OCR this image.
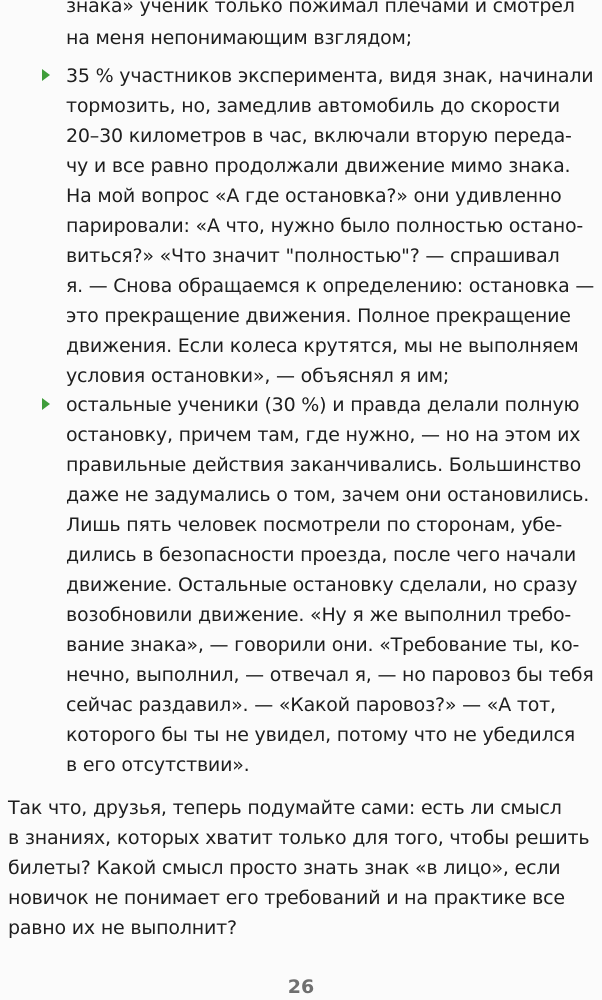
знака» ученик только пожимал плечами и смотрел
на меня непонимающим взглядом;
35 % участников эксперимента, видя знак, начинали
тормозить, но, замедлив автомобиль до скорости
20–30 километров в час, включали вторую переда-
чу и все равно продолжали движение мимо знака.
На мой вопрос «А где остановка?» они удивленно
парировали: «А что, нужно было полностью остано-
виться?» «Что значит "полностью"? — спрашивал
я. — Снова обращаемся к определению: остановка —
это прекращение движения. Полное прекращение
движения. Если колеса крутятся, мы не выполняем
условия остановки», — объяснял я им;
остальные ученики (30 %) и правда делали полную
остановку, причем там, где нужно, — но на этом их
правильные действия заканчивались. Большинство
даже не задумались о том, зачем они остановились.
Лишь пять человек посмотрели по сторонам, убе-
дились в безопасности проезда, после чего начали
движение. Остальные остановку сделали, но сразу
возобновили движение. «Ну я же выполнил требо-
вание знака», — говорили они. «Требование ты, ко-
нечно, выполнил, — отвечал я, — но паровоз бы тебя
сейчас раздавил». — «Какой паровоз?» — «А тот,
которого бы ты не увидел, потому что не убедился
в его отсутствии».
Так что, друзья, теперь подумайте сами: есть ли смысл
в знаниях, которых хватит только для того, чтобы решить
билеты? Какой смысл просто знать знак «в лицо», если
новичок не понимает его требований и на практике все
равно их не выполнит?
26
